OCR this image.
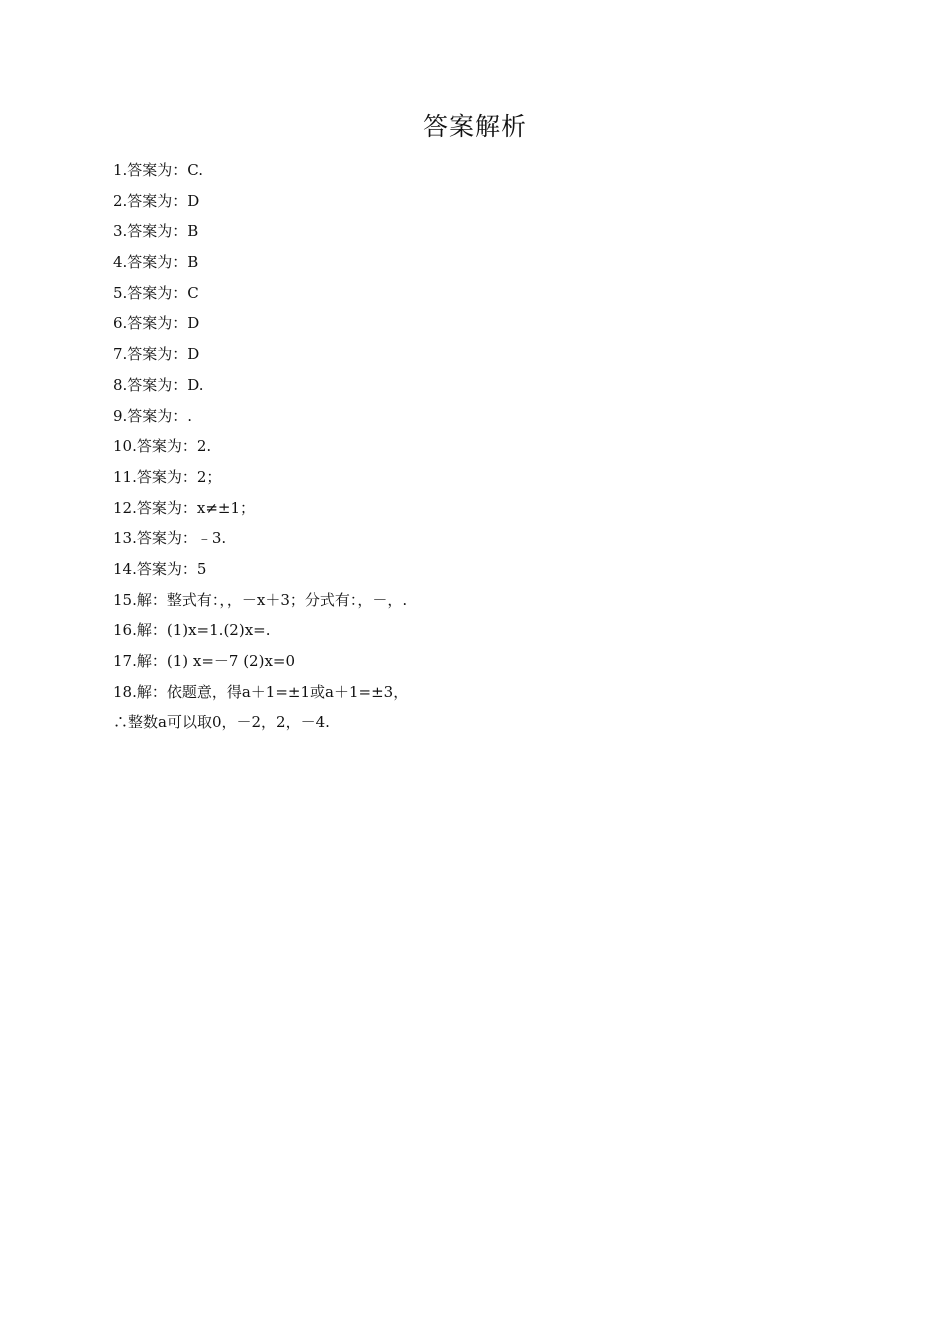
答案解析
1.答案为：C.
2.答案为：D
3.答案为：B
4.答案为：B
5.答案为：C
6.答案为：D
7.答案为：D
8.答案为：D.
9.答案为：.
10.答案为：2.
11.答案为：2；
12.答案为：x≠±1；
13.答案为：﹣3.
14.答案为：5
15.解：整式有：，，－x＋3；分式有：，－，.
16.解：(1)x=1.(2)x=.
17.解：(1) x=－7 (2)x=0
18.解：依题意，得a＋1=±1或a＋1=±3，
∴整数a可以取0，－2，2，－4.
